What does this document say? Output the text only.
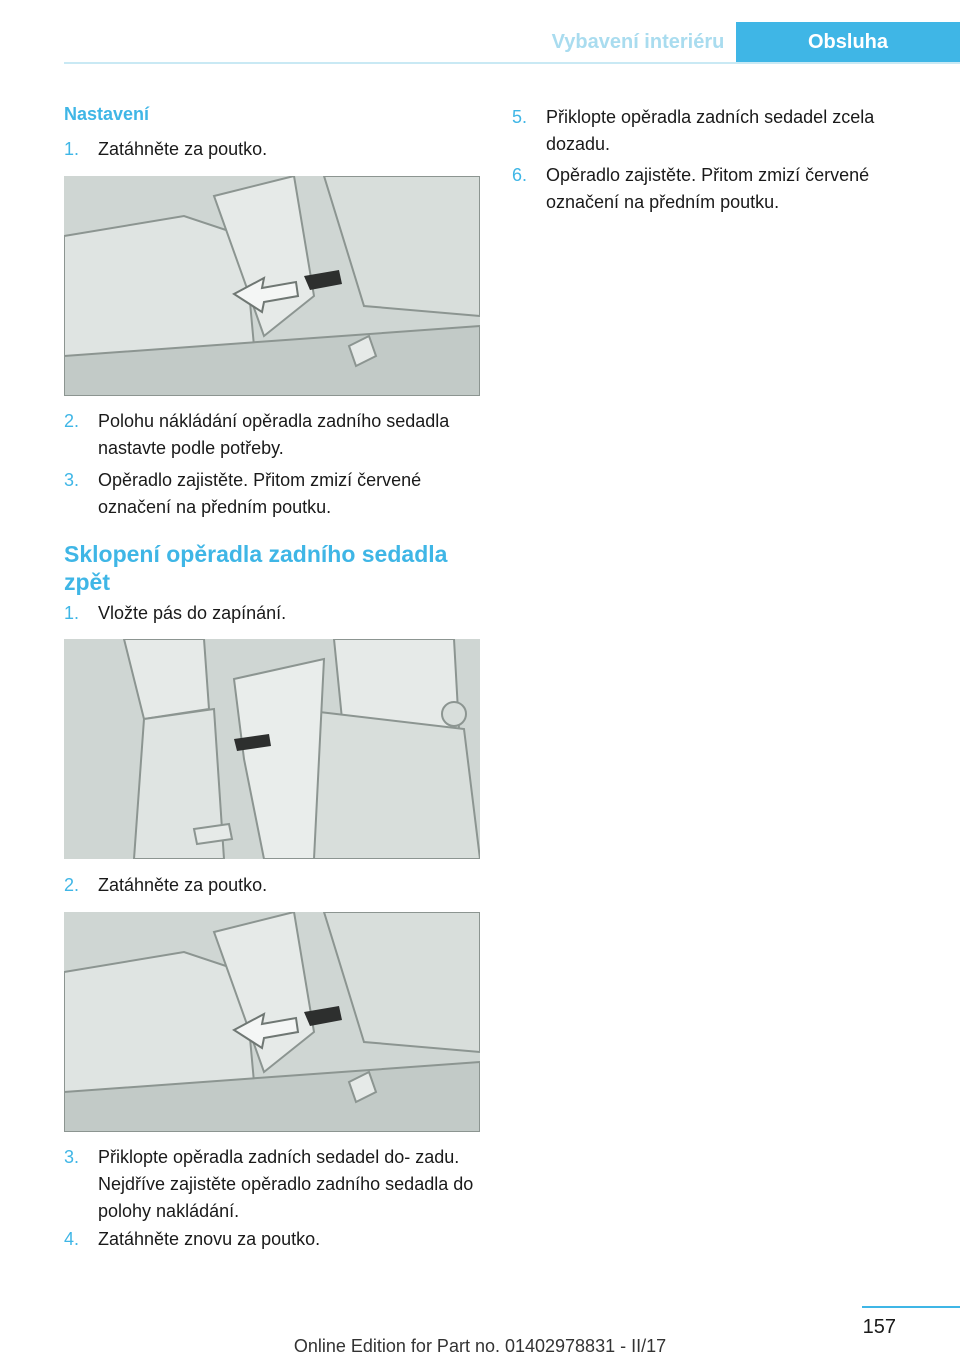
Vybavení interiéru	Obsluha
Nastavení
1.	Zatáhněte za poutko.
2.	Polohu nákládání opěradla zadního sedadla nastavte podle potřeby.
3.	Opěradlo zajistěte. Přitom zmizí červené označení na předním poutku.
Sklopení opěradla zadního sedadla zpět
1.	Vložte pás do zapínání.
2.	Zatáhněte za poutko.
3.	Přiklopte opěradla zadních sedadel do- zadu. Nejdříve zajistěte opěradlo zadního sedadla do polohy nakládání.
4.	Zatáhněte znovu za poutko.
5.	Přiklopte opěradla zadních sedadel zcela dozadu.
6.	Opěradlo zajistěte. Přitom zmizí červené označení na předním poutku.
157
Online Edition for Part no. 01402978831 - II/17
